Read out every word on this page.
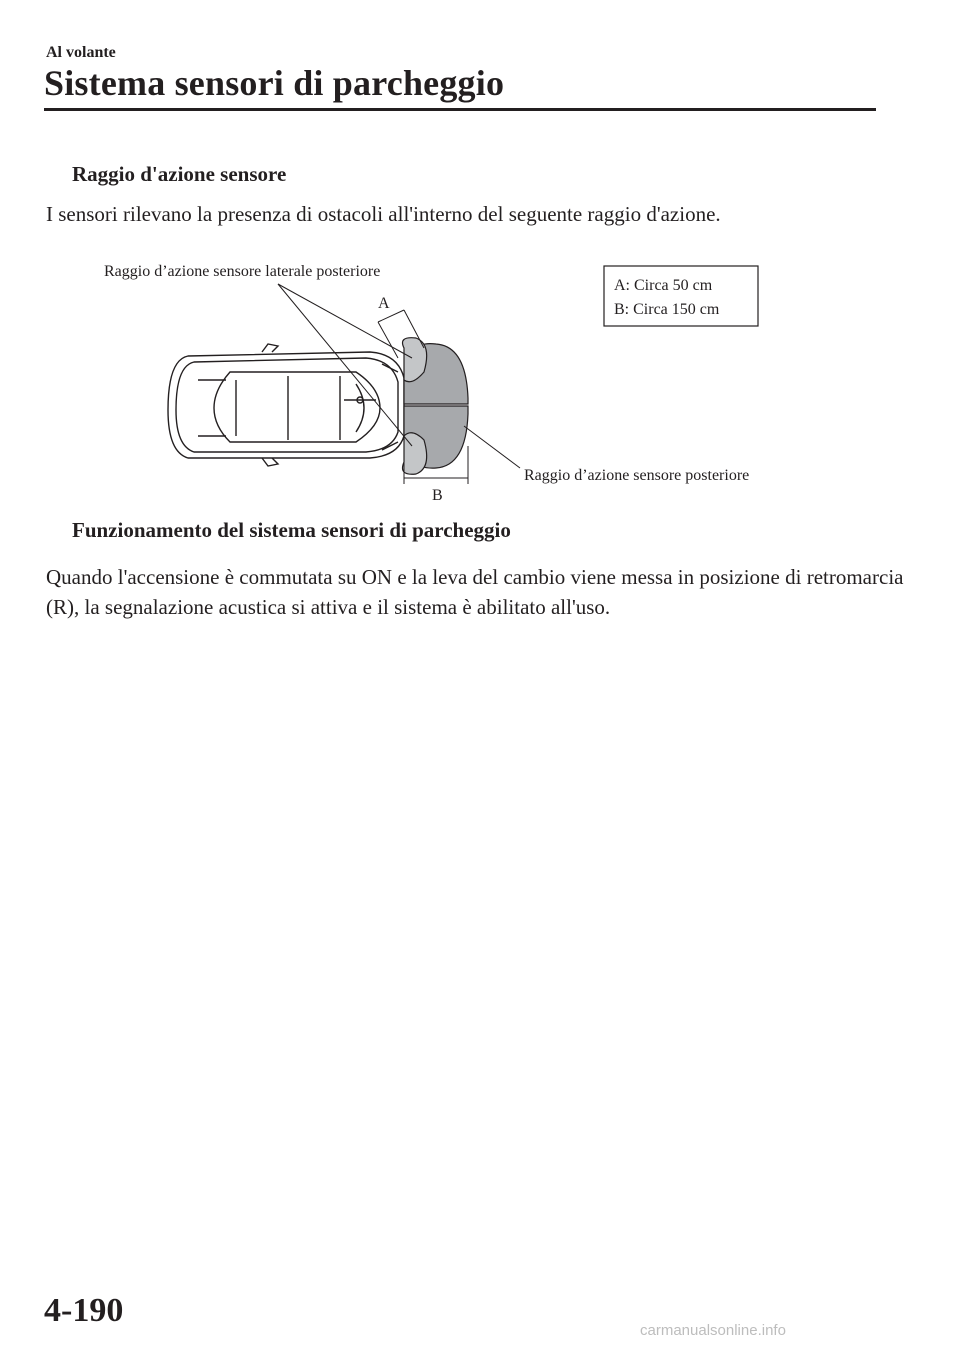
Al volante
Sistema sensori di parcheggio
Raggio d'azione sensore
I sensori rilevano la presenza di ostacoli all'interno del seguente raggio d'azione.
Raggio d’azione sensore laterale posteriore
A: Circa 50 cm
B: Circa 150 cm
A
B
Raggio d’azione sensore posteriore
Funzionamento del sistema sensori di parcheggio
Quando l'accensione è commutata su ON e la leva del cambio viene messa in posizione di retromarcia (R), la segnalazione acustica si attiva e il sistema è abilitato all'uso.
4-190
carmanualsonline.info
